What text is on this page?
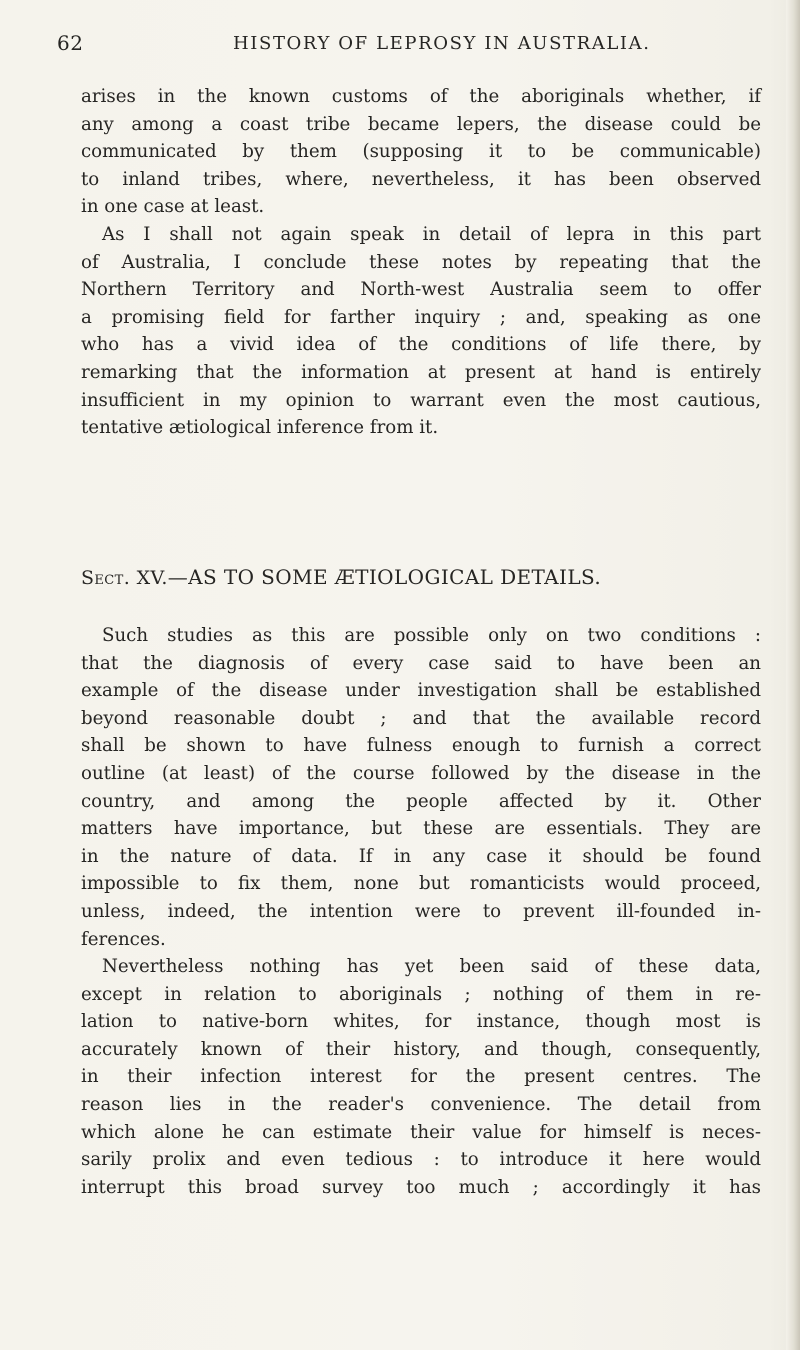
62	HISTORY OF LEPROSY IN AUSTRALIA.
arises in the known customs of the aboriginals whether, if
any among a coast tribe became lepers, the disease could be
communicated by them (supposing it to be communicable)
to inland tribes, where, nevertheless, it has been observed
in one case at least.
As I shall not again speak in detail of lepra in this part
of Australia, I conclude these notes by repeating that the
Northern Territory and North-west Australia seem to offer
a promising field for farther inquiry ; and, speaking as one
who has a vivid idea of the conditions of life there, by
remarking that the information at present at hand is entirely
insufficient in my opinion to warrant even the most cautious,
tentative ætiological inference from it.
Sect. XV.—AS TO SOME ÆTIOLOGICAL DETAILS.
Such studies as this are possible only on two conditions :
that the diagnosis of every case said to have been an
example of the disease under investigation shall be established
beyond reasonable doubt ; and that the available record
shall be shown to have fulness enough to furnish a correct
outline (at least) of the course followed by the disease in the
country, and among the people affected by it. Other
matters have importance, but these are essentials. They are
in the nature of data. If in any case it should be found
impossible to fix them, none but romanticists would proceed,
unless, indeed, the intention were to prevent ill-founded in-
ferences.
Nevertheless nothing has yet been said of these data,
except in relation to aboriginals ; nothing of them in re-
lation to native-born whites, for instance, though most is
accurately known of their history, and though, consequently,
in their infection interest for the present centres. The
reason lies in the reader's convenience. The detail from
which alone he can estimate their value for himself is neces-
sarily prolix and even tedious : to introduce it here would
interrupt this broad survey too much ; accordingly it has
